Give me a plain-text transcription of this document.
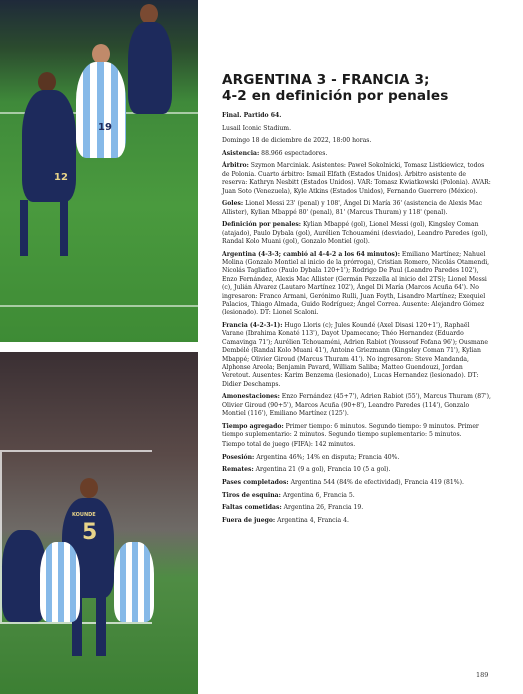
19
12
KOUNDE
5
ARGENTINA 3 - FRANCIA 3;
4-2 en definición por penales

Final. Partido 64.

Lusail Iconic Stadium.

Domingo 18 de diciembre de 2022, 18:00 horas.

Asistencia: 88.966 espectadores.

Árbitro: Szymon Marciniak. Asistentes: Paweł Sokolnicki, Tomasz Listkiewicz, todos de Polonia. Cuarto árbitro: Ismail Elfath (Estados Unidos). Árbitro asistente de reserva: Kathryn Nesbitt (Estados Unidos). VAR: Tomasz Kwiatkowski (Polonia). AVAR: Juan Soto (Venezuela), Kyle Atkins (Estados Unidos), Fernando Guerrero (México).

Goles: Lionel Messi 23' (penal) y 108', Ángel Di María 36' (asistencia de Alexis Mac Allister), Kylian Mbappé 80' (penal), 81' (Marcus Thuram) y 118' (penal).

Definición por penales: Kylian Mbappé (gol), Lionel Messi (gol), Kingsley Coman (atajado), Paulo Dybala (gol), Aurélien Tchouaméni (desviado), Leandro Paredes (gol), Randal Kolo Muani (gol), Gonzalo Montiel (gol).

Argentina (4-3-3; cambió al 4-4-2 a los 64 minutos): Emiliano Martínez; Nahuel Molina (Gonzalo Montiel al inicio de la prórroga), Cristian Romero, Nicolás Otamendi, Nicolás Tagliafico (Paulo Dybala 120+1'); Rodrigo De Paul (Leandro Paredes 102'), Enzo Fernández, Alexis Mac Allister (Germán Pezzella al inicio del 2TS); Lionel Messi (c), Julián Álvarez (Lautaro Martínez 102'), Ángel Di María (Marcos Acuña 64'). No ingresaron: Franco Armani, Gerónimo Rulli, Juan Foyth, Lisandro Martínez; Exequiel Palacios, Thiago Almada, Guido Rodríguez; Ángel Correa. Ausente: Alejandro Gómez (lesionado). DT: Lionel Scaloni.

Francia (4-2-3-1): Hugo Lloris (c); Jules Koundé (Axel Disasi 120+1'), Raphaël Varane (Ibrahima Konaté 113'), Dayot Upamecano; Théo Hernandez (Eduardo Camavinga 71'); Aurélien Tchouaméni, Adrien Rabiot (Youssouf Fofana 96'); Ousmane Dembélé (Randal Kolo Muani 41'), Antoine Griezmann (Kingsley Coman 71'), Kylian Mbappé; Olivier Giroud (Marcus Thuram 41'). No ingresaron: Steve Mandanda, Alphonse Areola; Benjamin Pavard, William Saliba; Matteo Guendouzi, Jordan Veretout. Ausentes: Karim Benzema (lesionado), Lucas Hernandez (lesionado). DT: Didier Deschamps.

Amonestaciones: Enzo Fernández (45+7'), Adrien Rabiot (55'), Marcus Thuram (87'), Olivier Giroud (90+5'), Marcos Acuña (90+8'), Leandro Paredes (114'), Gonzalo Montiel (116'), Emiliano Martínez (125').

Tiempo agregado: Primer tiempo: 6 minutos. Segundo tiempo: 9 minutos. Primer tiempo suplementario: 2 minutos. Segundo tiempo suplementario: 5 minutos.

Tiempo total de juego (FIFA): 142 minutos.

Posesión: Argentina 46%; 14% en disputa; Francia 40%.

Remates: Argentina 21 (9 a gol), Francia 10 (5 a gol).

Pases completados: Argentina 544 (84% de efectividad), Francia 419 (81%).

Tiros de esquina: Argentina 6, Francia 5.

Faltas cometidas: Argentina 26, Francia 19.

Fuera de juego: Argentina 4, Francia 4.

189
